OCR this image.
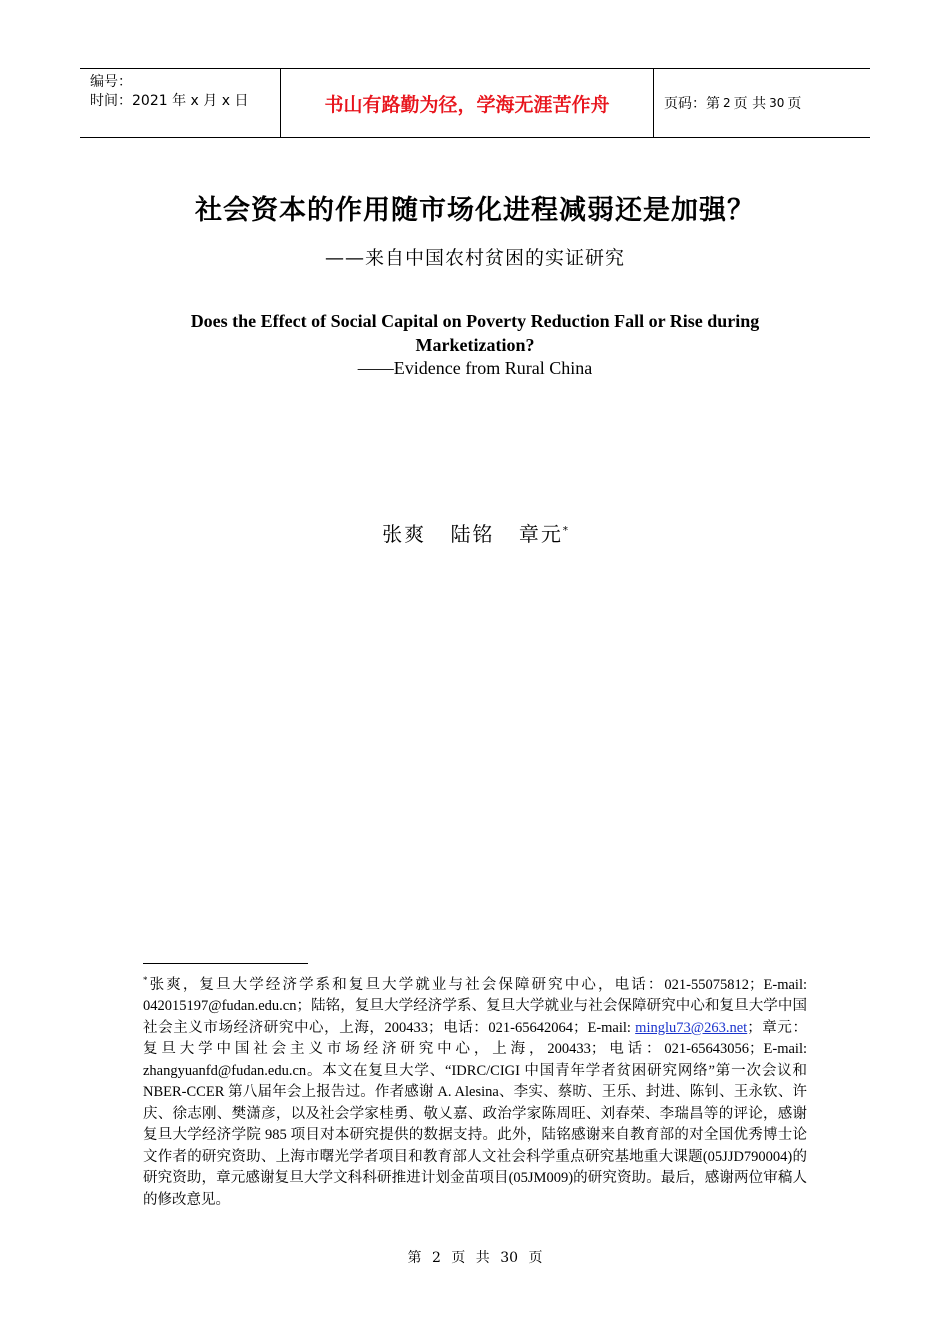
编号：
时间：2021 年 x 月 x 日	书山有路勤为径，学海无涯苦作舟	页码：第 2 页 共 30 页
社会资本的作用随市场化进程减弱还是加强？
——来自中国农村贫困的实证研究
Does the Effect of Social Capital on Poverty Reduction Fall or Rise during Marketization?
——Evidence from Rural China
张爽 陆铭 章元*
*张爽，复旦大学经济学系和复旦大学就业与社会保障研究中心，电话：021-55075812；E-mail: 042015197@fudan.edu.cn；陆铭，复旦大学经济学系、复旦大学就业与社会保障研究中心和复旦大学中国社会主义市场经济研究中心，上海，200433；电话：021-65642064；E-mail: minglu73@263.net；章元：复旦大学中国社会主义市场经济研究中心，上海，200433；电话：021-65643056；E-mail: zhangyuanfd@fudan.edu.cn。本文在复旦大学、“IDRC/CIGI 中国青年学者贫困研究网络”第一次会议和 NBER-CCER 第八届年会上报告过。作者感谢 A. Alesina、李实、蔡昉、王乐、封进、陈钊、王永钦、许庆、徐志刚、樊潇彦，以及社会学家桂勇、敬乂嘉、政治学家陈周旺、刘春荣、李瑞昌等的评论，感谢复旦大学经济学院 985 项目对本研究提供的数据支持。此外，陆铭感谢来自教育部的对全国优秀博士论文作者的研究资助、上海市曙光学者项目和教育部人文社会科学重点研究基地重大课题(05JJD790004)的研究资助，章元感谢复旦大学文科科研推进计划金苗项目(05JM009)的研究资助。最后，感谢两位审稿人的修改意见。
第 2 页 共 30 页
